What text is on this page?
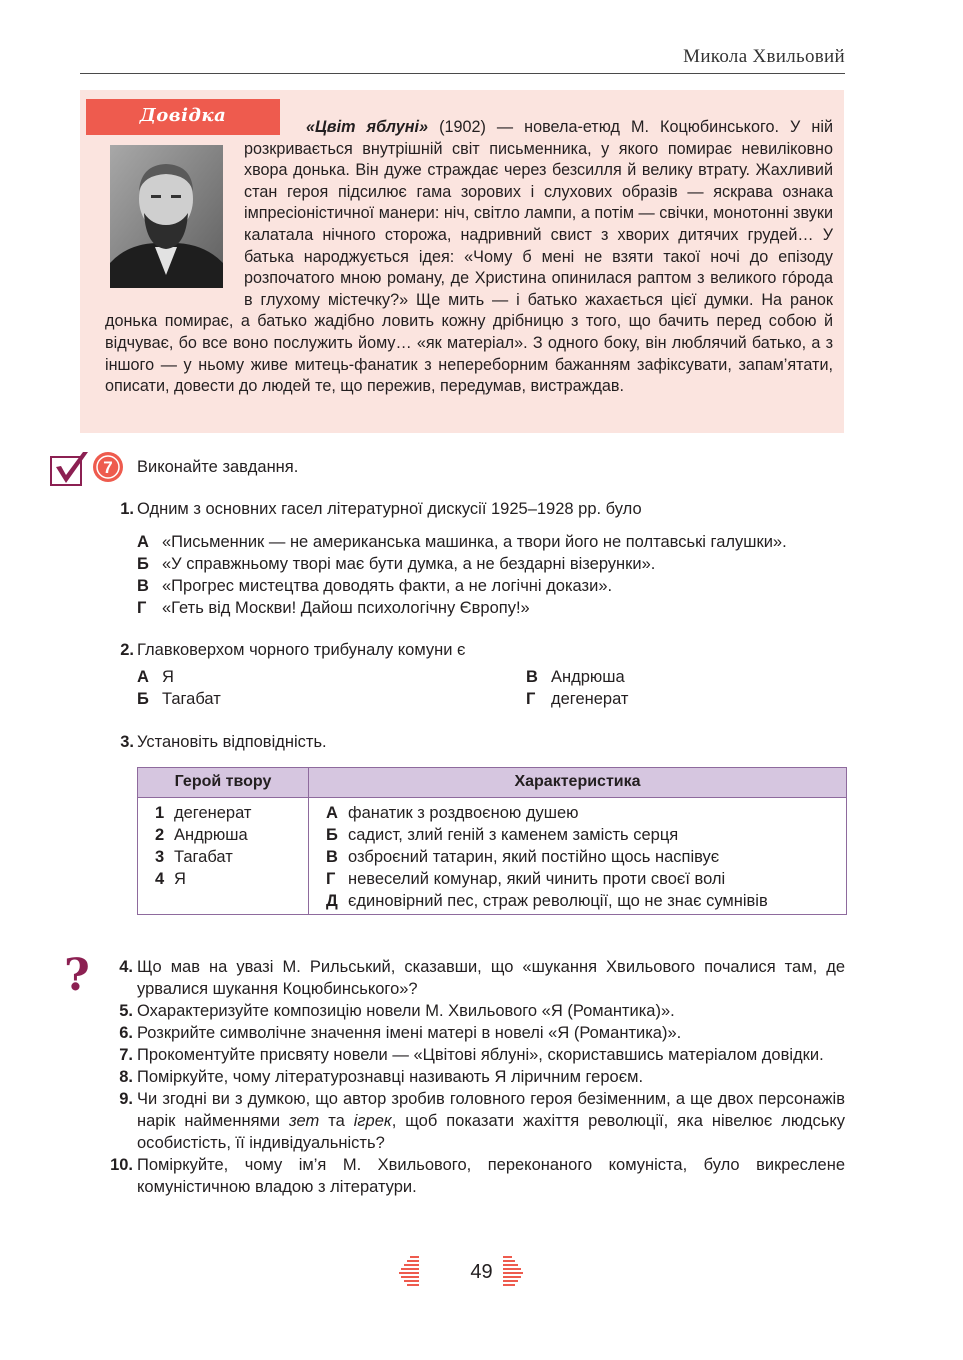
Микола Хвильовий
Довідка

«Цвіт яблуні» (1902) — новела-етюд М. Коцюбинського. У ній розкривається внутрішній світ письменника, у якого помирає невиліковно хвора донька. Він дуже страждає через безсилля й велику втрату. Жахливий стан героя підсилює гама зорових і слухових образів — яскрава ознака імпресіоністичної манери: ніч, світло лампи, а потім — свічки, монотонні звуки калатала нічного сторожа, надривний свист з хворих дитячих грудей… У батька народжується ідея: «Чому б мені не взяти такої ночі до епізоду розпочатого мною роману, де Христина опинилася раптом з великого гóрода в глухому містечку?» Ще мить — і батько жахається цієї думки. На ранок донька помирає, а батько жадібно ловить кожну дрібницю з того, що бачить перед собою й відчуває, бо все воно послужить йому… «як матеріал». З одного боку, він люблячий батько, а з іншого — у ньому живе митець-фанатик з непереборним бажанням зафіксувати, запам’ятати, описати, довести до людей те, що пережив, передумав, вистраждав.

7 Виконайте завдання.
1. Одним з основних гасел літературної дискусії 1925–1928 рр. було
А «Письменник — не американська машинка, а твори його не полтавські галушки».
Б «У справжньому творі має бути думка, а не бездарні візерунки».
В «Прогрес мистецтва доводять факти, а не логічні докази».
Г «Геть від Москви! Дайош психологічну Європу!»
2. Главковерхом чорного трибуналу комуни є
А Я
Б Тагабат
В Андрюша
Г дегенерат
3. Установіть відповідність.
Герой твору	Характеристика
1 дегенерат
2 Андрюша
3 Тагабат
4 Я
А фанатик з роздвоєною душею
Б садист, злий геній з каменем замість серця
В озброєний татарин, який постійно щось наспівує
Г невеселий комунар, який чинить проти своєї волі
Д єдиновірний пес, страж революції, що не знає сумнівів
?	4. Що мав на увазі М. Рильський, сказавши, що «шукання Хвильового почалися там, де урвалися шукання Коцюбинського»?
5. Охарактеризуйте композицію новели М. Хвильового «Я (Романтика)».
6. Розкрийте символічне значення імені матері в новелі «Я (Романтика)».
7. Прокоментуйте присвяту новели — «Цвітові яблуні», скориставшись матеріалом довідки.
8. Поміркуйте, чому літературознавці називають Я ліричним героєм.
9. Чи згодні ви з думкою, що автор зробив головного героя безіменним, а ще двох персонажів нарік найменнями зет та ігрек, щоб показати жахіття революції, яка нівелює людську особистість, її індивідуальність?
10. Поміркуйте, чому ім’я М. Хвильового, переконаного комуніста, було викреслене комуністичною владою з літератури.
49
